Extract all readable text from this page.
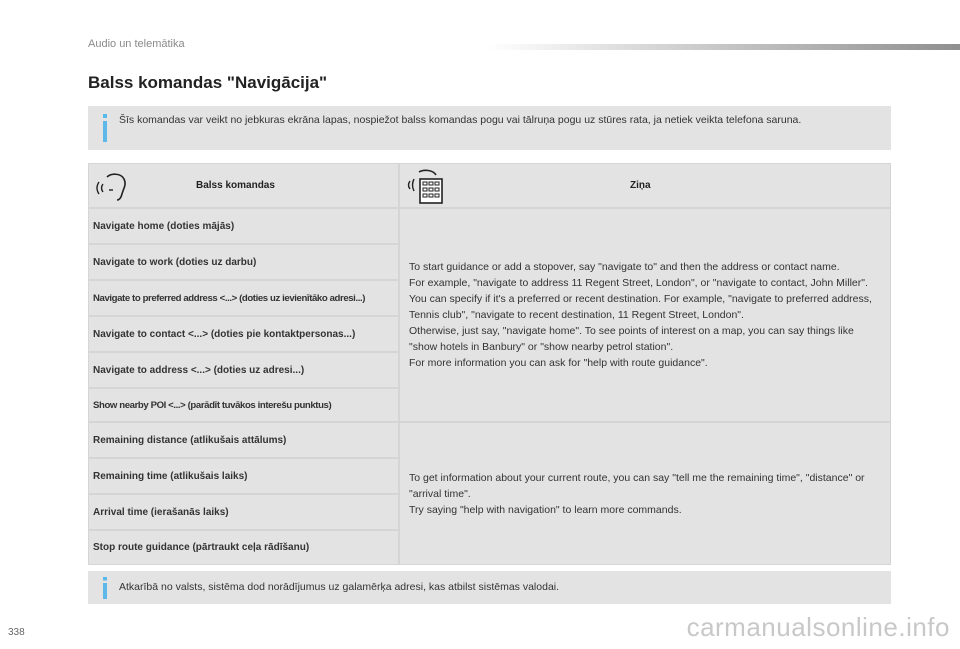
Audio un telemātika
Balss komandas "Navigācija"
Šīs komandas var veikt no jebkuras ekrāna lapas, nospiežot balss komandas pogu vai tālruņa pogu uz stūres rata, ja netiek veikta telefona saruna.
Balss komandas	Ziņa
Navigate home (doties mājās)
Navigate to work (doties uz darbu)
Navigate to preferred address <...> (doties uz ievienītāko adresi...)
Navigate to contact <...> (doties pie kontaktpersonas...)
Navigate to address <...> (doties uz adresi...)
Show nearby POI <...> (parādīt tuvākos interešu punktus)
To start guidance or add a stopover, say "navigate to" and then the address or contact name.
For example, "navigate to address 11 Regent Street, London", or "navigate to contact, John Miller".
You can specify if it's a preferred or recent destination. For example, "navigate to preferred address, Tennis club", "navigate to recent destination, 11 Regent Street, London".
Otherwise, just say, "navigate home". To see points of interest on a map, you can say things like "show hotels in Banbury" or "show nearby petrol station".
For more information you can ask for "help with route guidance".
Remaining distance (atlikušais attālums)
Remaining time (atlikušais laiks)
Arrival time (ierašanās laiks)
Stop route guidance (pārtraukt ceļa rādīšanu)
To get information about your current route, you can say "tell me the remaining time", "distance" or "arrival time".
Try saying "help with navigation" to learn more commands.
Atkarībā no valsts, sistēma dod norādījumus uz galamērķa adresi, kas atbilst sistēmas valodai.
338	carmanualsonline.info
